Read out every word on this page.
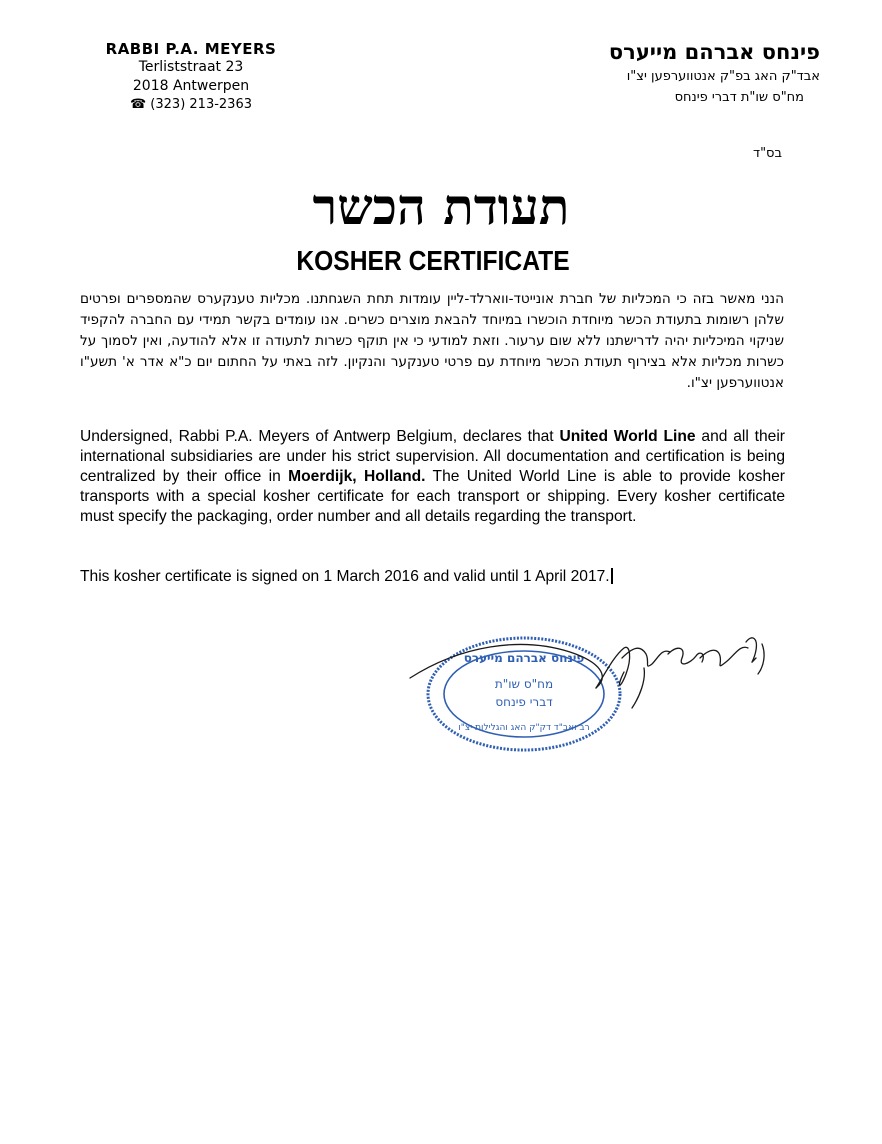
RABBI P.A. MEYERS
Terliststraat 23
2018 Antwerpen
☎ (323) 213-2363
פינחס אברהם מייערס
אבד"ק האג בפ"ק אנטווערפען יצ"ו
מח"ס שו"ת דברי פינחס
בס"ד
תעודת הכשר
KOSHER CERTIFICATE
הנני מאשר בזה כי המכליות של חברת אונייטד-ווארלד-ליין עומדות תחת השגחתנו. מכליות טענקערס שהמספרים ופרטים שלהן רשומות בתעודת הכשר מיוחדת הוכשרו במיוחד להבאת מוצרים כשרים. אנו עומדים בקשר תמידי עם החברה להקפיד שניקוי המיכליות יהיה לדרישתנו ללא שום ערעור. וזאת למודעי כי אין תוקף כשרות לתעודה זו אלא להודעה, ואין לסמוך על כשרות מכליות אלא בצירוף תעודת הכשר מיוחדת עם פרטי טענקער והנקיון. לזה באתי על החתום יום כ"א אדר א' תשע"ו אנטווערפען יצ"ו.
Undersigned, Rabbi P.A. Meyers of Antwerp Belgium, declares that United World Line and all their international subsidiaries are under his strict supervision. All documentation and certification is being centralized by their office in Moerdijk, Holland. The United World Line is able to provide kosher transports with a special kosher certificate for each transport or shipping. Every kosher certificate must specify the packaging, order number and all details regarding the transport.
This kosher certificate is signed on 1 March 2016 and valid until 1 April 2017.
פינחס אברהם מייערס
מח"ס שו"ת
דברי פינחס
רב ואב"ד דק"ק האג והגלילות יצ"ו
